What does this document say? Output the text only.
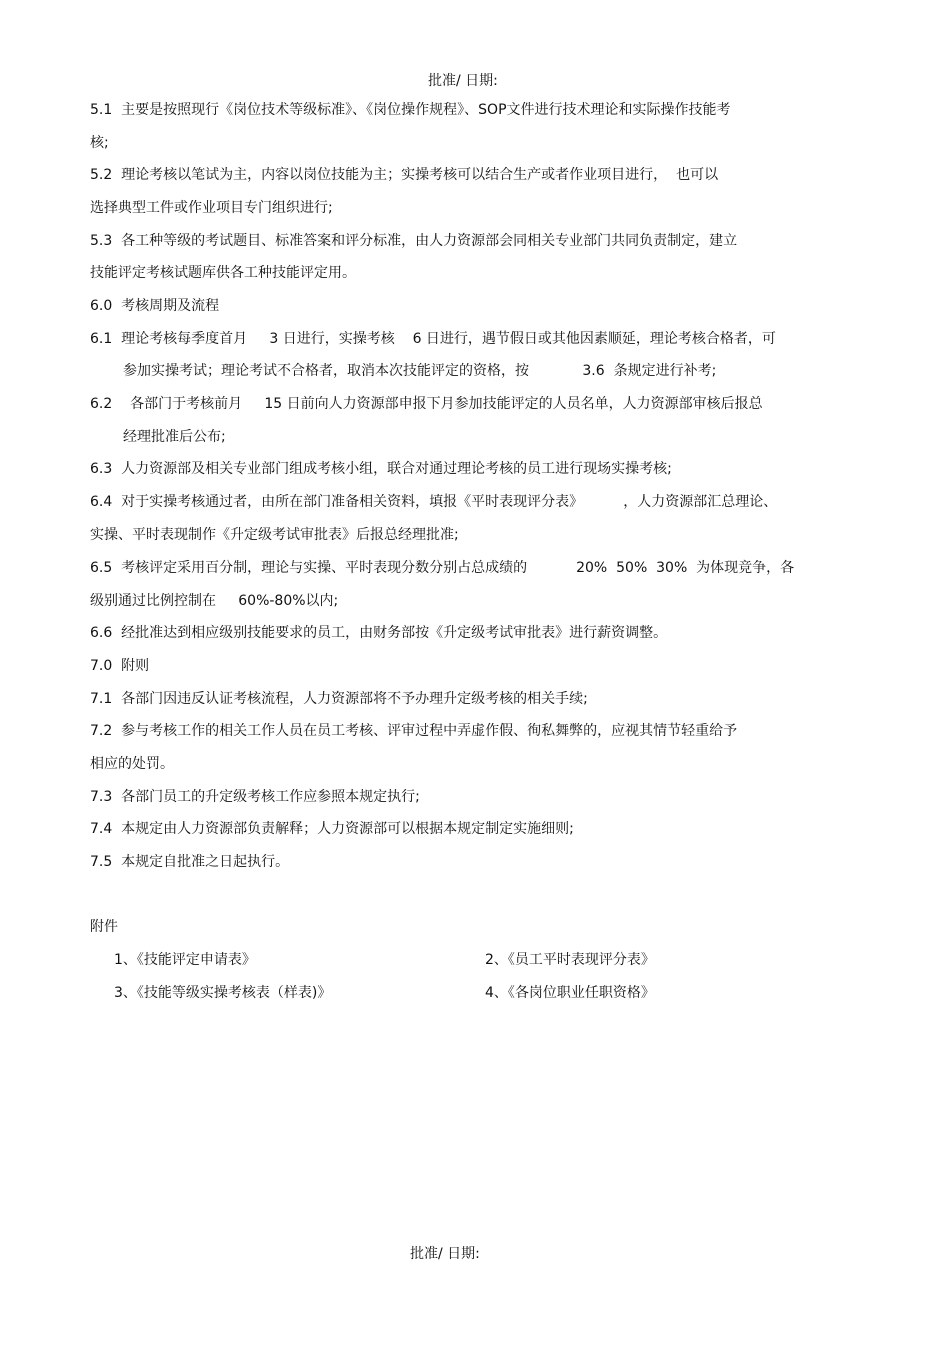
批准/ 日期:
5.1  主要是按照现行《岗位技术等级标准》、《岗位操作规程》、SOP文件进行技术理论和实际操作技能考
核;
5.2  理论考核以笔试为主，内容以岗位技能为主；实操考核可以结合生产或者作业项目进行，  也可以
选择典型工件或作业项目专门组织进行;
5.3  各工种等级的考试题目、标准答案和评分标准，由人力资源部会同相关专业部门共同负责制定，建立
技能评定考核试题库供各工种技能评定用。
6.0  考核周期及流程
6.1  理论考核每季度首月     3 日进行，实操考核    6 日进行，遇节假日或其他因素顺延，理论考核合格者，可
参加实操考试；理论考试不合格者，取消本次技能评定的资格，按            3.6  条规定进行补考;
6.2    各部门于考核前月     15 日前向人力资源部申报下月参加技能评定的人员名单，人力资源部审核后报总
经理批准后公布;
6.3  人力资源部及相关专业部门组成考核小组，联合对通过理论考核的员工进行现场实操考核;
6.4  对于实操考核通过者，由所在部门准备相关资料，填报《平时表现评分表》         ，人力资源部汇总理论、
实操、平时表现制作《升定级考试审批表》后报总经理批准;
6.5  考核评定采用百分制，理论与实操、平时表现分数分别占总成绩的           20%  50%  30%  为体现竞争，各
级别通过比例控制在     60%-80%以内;
6.6  经批准达到相应级别技能要求的员工，由财务部按《升定级考试审批表》进行薪资调整。
7.0  附则
7.1  各部门因违反认证考核流程，人力资源部将不予办理升定级考核的相关手续;
7.2  参与考核工作的相关工作人员在员工考核、评审过程中弄虚作假、徇私舞弊的，应视其情节轻重给予
相应的处罚。
7.3  各部门员工的升定级考核工作应参照本规定执行;
7.4  本规定由人力资源部负责解释；人力资源部可以根据本规定制定实施细则;
7.5  本规定自批准之日起执行。
附件
1、《技能评定申请表》	2、《员工平时表现评分表》
3、《技能等级实操考核表（样表)》	4、《各岗位职业任职资格》
批准/ 日期:
